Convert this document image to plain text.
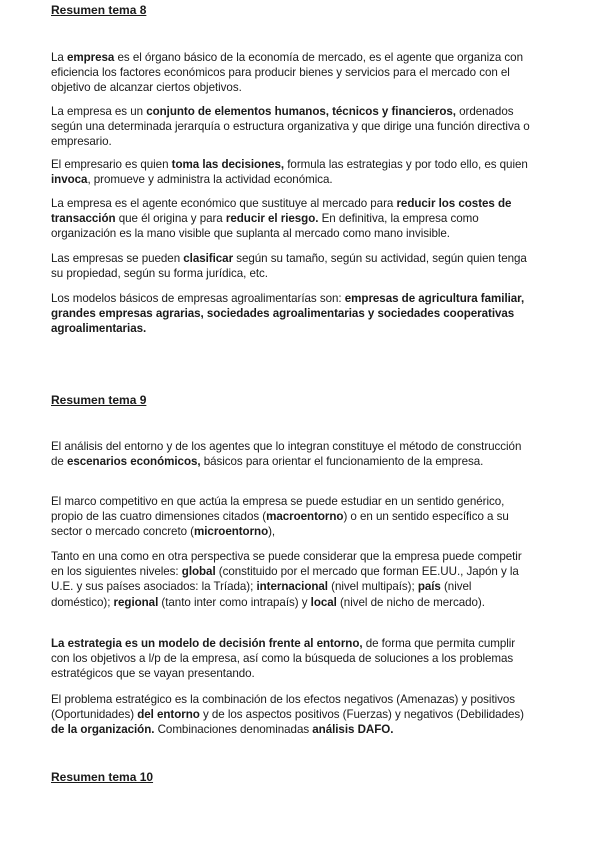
Resumen tema 8

La empresa es el órgano básico de la economía de mercado, es el agente que organiza con eficiencia los factores económicos para producir bienes y servicios para el mercado con el objetivo de alcanzar ciertos objetivos.

La empresa es un conjunto de elementos humanos, técnicos y financieros, ordenados según una determinada jerarquía o estructura organizativa y que dirige una función directiva o empresario.

El empresario es quien toma las decisiones, formula las estrategias y por todo ello, es quien invoca, promueve y administra la actividad económica.

La empresa es el agente económico que sustituye al mercado para reducir los costes de transacción que él origina y para reducir el riesgo. En definitiva, la empresa como organización es la mano visible que suplanta al mercado como mano invisible.

Las empresas se pueden clasificar según su tamaño, según su actividad, según quien tenga su propiedad, según su forma jurídica, etc.

Los modelos básicos de empresas agroalimentarías son: empresas de agricultura familiar, grandes empresas agrarias, sociedades agroalimentarias y sociedades cooperativas agroalimentarias.

Resumen tema 9

El análisis del entorno y de los agentes que lo integran constituye el método de construcción de escenarios económicos, básicos para orientar el funcionamiento de la empresa.

El marco competitivo en que actúa la empresa se puede estudiar en un sentido genérico, propio de las cuatro dimensiones citados (macroentorno) o en un sentido específico a su sector o mercado concreto (microentorno),

Tanto en una como en otra perspectiva se puede considerar que la empresa puede competir en los siguientes niveles: global (constituido por el mercado que forman EE.UU., Japón y la U.E. y sus países asociados: la Tríada); internacional (nivel multipaís); país (nivel doméstico); regional (tanto inter como intrapaís) y local (nivel de nicho de mercado).

La estrategia es un modelo de decisión frente al entorno, de forma que permita cumplir con los objetivos a l/p de la empresa, así como la búsqueda de soluciones a los problemas estratégicos que se vayan presentando.

El problema estratégico es la combinación de los efectos negativos (Amenazas) y positivos (Oportunidades) del entorno y de los aspectos positivos (Fuerzas) y negativos (Debilidades) de la organización. Combinaciones denominadas análisis DAFO.

Resumen tema 10
